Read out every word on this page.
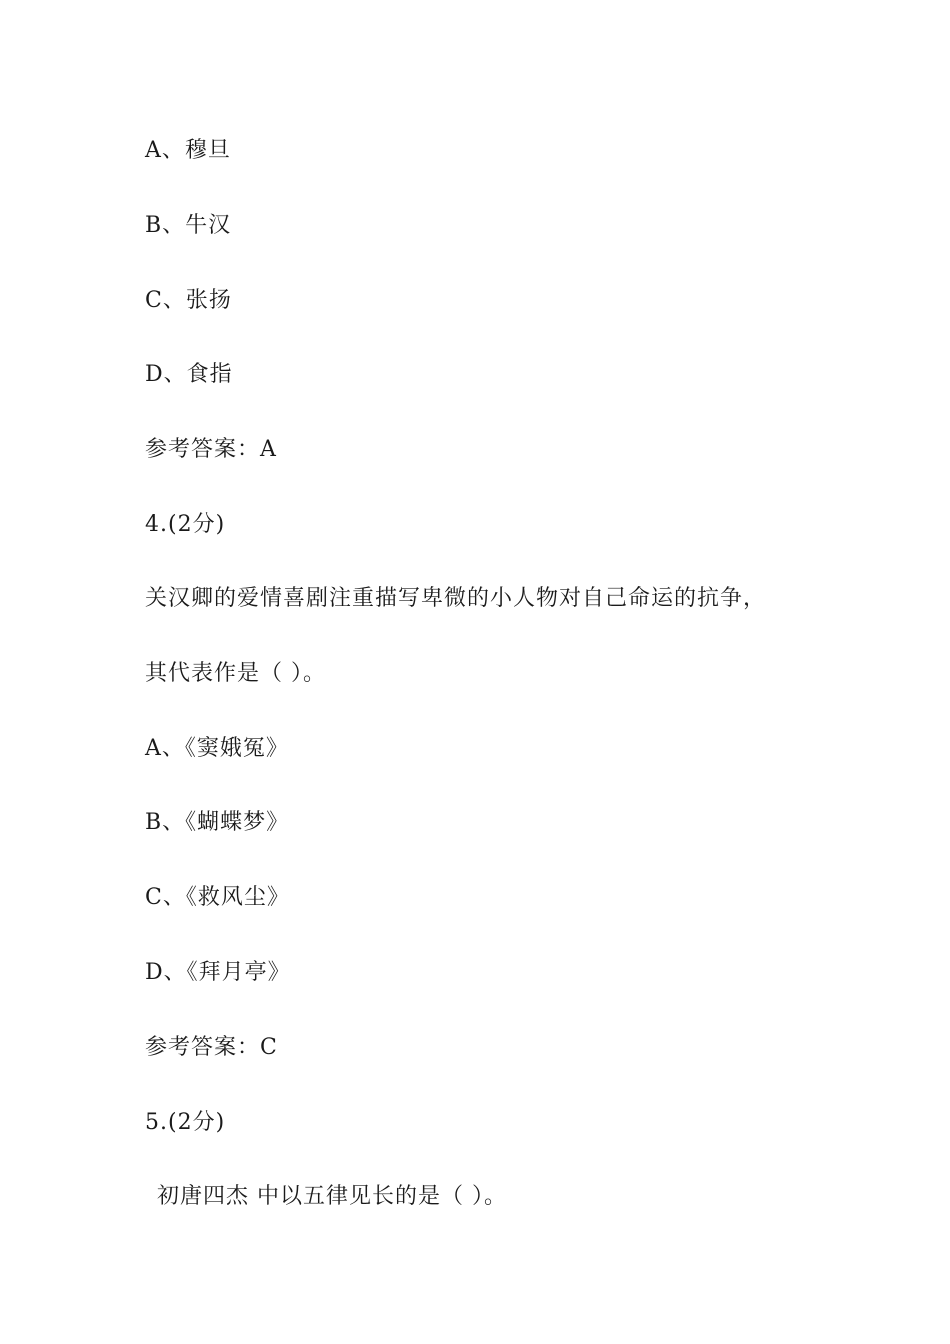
A、穆旦
B、牛汉
C、张扬
D、食指
参考答案：A
4.(2分)
关汉卿的爱情喜剧注重描写卑微的小人物对自己命运的抗争，
其代表作是（ ）。
A、《窦娥冤》
B、《蝴蝶梦》
C、《救风尘》
D、《拜月亭》
参考答案：C
5.(2分)
初唐四杰 中以五律见长的是（ ）。
